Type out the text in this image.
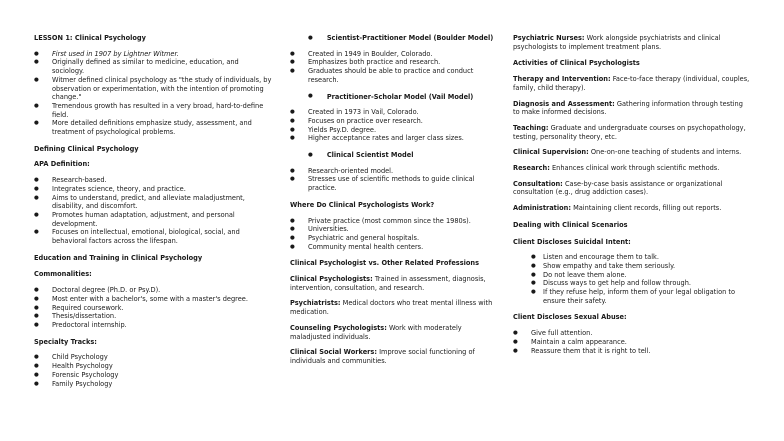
LESSON 1: Clinical Psychology
● First used in 1907 by Lightner Witmer.
● Originally defined as similar to medicine, education, and sociology.
● Witmer defined clinical psychology as "the study of individuals, by observation or experimentation, with the intention of promoting change."
● Tremendous growth has resulted in a very broad, hard-to-define field.
● More detailed definitions emphasize study, assessment, and treatment of psychological problems.
Defining Clinical Psychology
APA Definition:
● Research-based.
● Integrates science, theory, and practice.
● Aims to understand, predict, and alleviate maladjustment, disability, and discomfort.
● Promotes human adaptation, adjustment, and personal development.
● Focuses on intellectual, emotional, biological, social, and behavioral factors across the lifespan.
Education and Training in Clinical Psychology
Commonalities:
● Doctoral degree (Ph.D. or Psy.D).
● Most enter with a bachelor's, some with a master's degree.
● Required coursework.
● Thesis/dissertation.
● Predoctoral internship.
Specialty Tracks:
● Child Psychology
● Health Psychology
● Forensic Psychology
● Family Psychology
● Scientist-Practitioner Model (Boulder Model)
● Created in 1949 in Boulder, Colorado.
● Emphasizes both practice and research.
● Graduates should be able to practice and conduct research.
● Practitioner-Scholar Model (Vail Model)
● Created in 1973 in Vail, Colorado.
● Focuses on practice over research.
● Yields Psy.D. degree.
● Higher acceptance rates and larger class sizes.
● Clinical Scientist Model
● Research-oriented model.
● Stresses use of scientific methods to guide clinical practice.
Where Do Clinical Psychologists Work?
● Private practice (most common since the 1980s).
● Universities.
● Psychiatric and general hospitals.
● Community mental health centers.
Clinical Psychologist vs. Other Related Professions

Clinical Psychologists: Trained in assessment, diagnosis, intervention, consultation, and research.

Psychiatrists: Medical doctors who treat mental illness with medication.

Counseling Psychologists: Work with moderately maladjusted individuals.

Clinical Social Workers: Improve social functioning of individuals and communities.

Psychiatric Nurses: Work alongside psychiatrists and clinical psychologists to implement treatment plans.

Activities of Clinical Psychologists

Therapy and Intervention: Face-to-face therapy (individual, couples, family, child therapy).

Diagnosis and Assessment: Gathering information through testing to make informed decisions.

Teaching: Graduate and undergraduate courses on psychopathology, testing, personality theory, etc.

Clinical Supervision: One-on-one teaching of students and interns.

Research: Enhances clinical work through scientific methods.

Consultation: Case-by-case basis assistance or organizational consultation (e.g., drug addiction cases).

Administration: Maintaining client records, filling out reports.

Dealing with Clinical Scenarios
Client Discloses Suicidal Intent:
● Listen and encourage them to talk.
● Show empathy and take them seriously.
● Do not leave them alone.
● Discuss ways to get help and follow through.
● If they refuse help, inform them of your legal obligation to ensure their safety.
Client Discloses Sexual Abuse:
● Give full attention.
● Maintain a calm appearance.
● Reassure them that it is right to tell.
